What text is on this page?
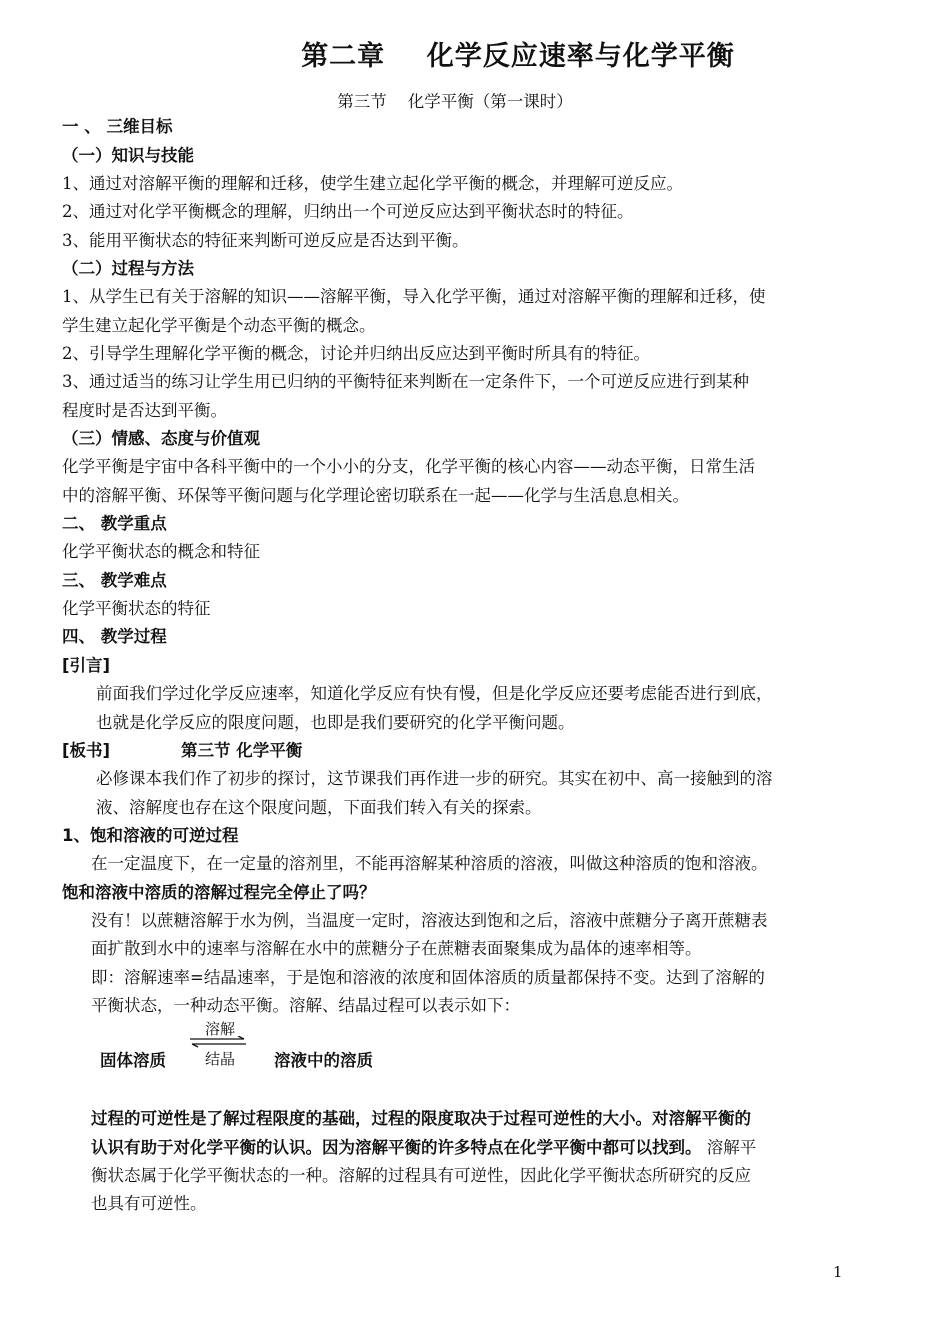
第二章    化学反应速率与化学平衡
第三节    化学平衡（第一课时）
一 、 三维目标
（一）知识与技能
1、通过对溶解平衡的理解和迁移，使学生建立起化学平衡的概念，并理解可逆反应。
2、通过对化学平衡概念的理解，归纳出一个可逆反应达到平衡状态时的特征。
3、能用平衡状态的特征来判断可逆反应是否达到平衡。
（二）过程与方法
1、从学生已有关于溶解的知识——溶解平衡，导入化学平衡，通过对溶解平衡的理解和迁移，使
学生建立起化学平衡是个动态平衡的概念。
2、引导学生理解化学平衡的概念，讨论并归纳出反应达到平衡时所具有的特征。
3、通过适当的练习让学生用已归纳的平衡特征来判断在一定条件下，一个可逆反应进行到某种
程度时是否达到平衡。
（三）情感、态度与价值观
化学平衡是宇宙中各科平衡中的一个小小的分支，化学平衡的核心内容——动态平衡，日常生活
中的溶解平衡、环保等平衡问题与化学理论密切联系在一起——化学与生活息息相关。
二、 教学重点
化学平衡状态的概念和特征
三、 教学难点
化学平衡状态的特征
四、 教学过程
[引言]
前面我们学过化学反应速率，知道化学反应有快有慢，但是化学反应还要考虑能否进行到底，
也就是化学反应的限度问题，也即是我们要研究的化学平衡问题。
[板书]	第三节 化学平衡
必修课本我们作了初步的探讨，这节课我们再作进一步的研究。其实在初中、高一接触到的溶
液、溶解度也存在这个限度问题，下面我们转入有关的探索。
1、饱和溶液的可逆过程
在一定温度下，在一定量的溶剂里，不能再溶解某种溶质的溶液，叫做这种溶质的饱和溶液。
饱和溶液中溶质的溶解过程完全停止了吗？
没有！以蔗糖溶解于水为例，当温度一定时，溶液达到饱和之后，溶液中蔗糖分子离开蔗糖表
面扩散到水中的速率与溶解在水中的蔗糖分子在蔗糖表面聚集成为晶体的速率相等。
即：溶解速率=结晶速率，于是饱和溶液的浓度和固体溶质的质量都保持不变。达到了溶解的
平衡状态，一种动态平衡。溶解、结晶过程可以表示如下：
固体溶质
溶解
结晶 溶液中的溶质
过程的可逆性是了解过程限度的基础，过程的限度取决于过程可逆性的大小。对溶解平衡的
认识有助于对化学平衡的认识。因为溶解平衡的许多特点在化学平衡中都可以找到。 溶解平
衡状态属于化学平衡状态的一种。溶解的过程具有可逆性，因此化学平衡状态所研究的反应
也具有可逆性。
1
